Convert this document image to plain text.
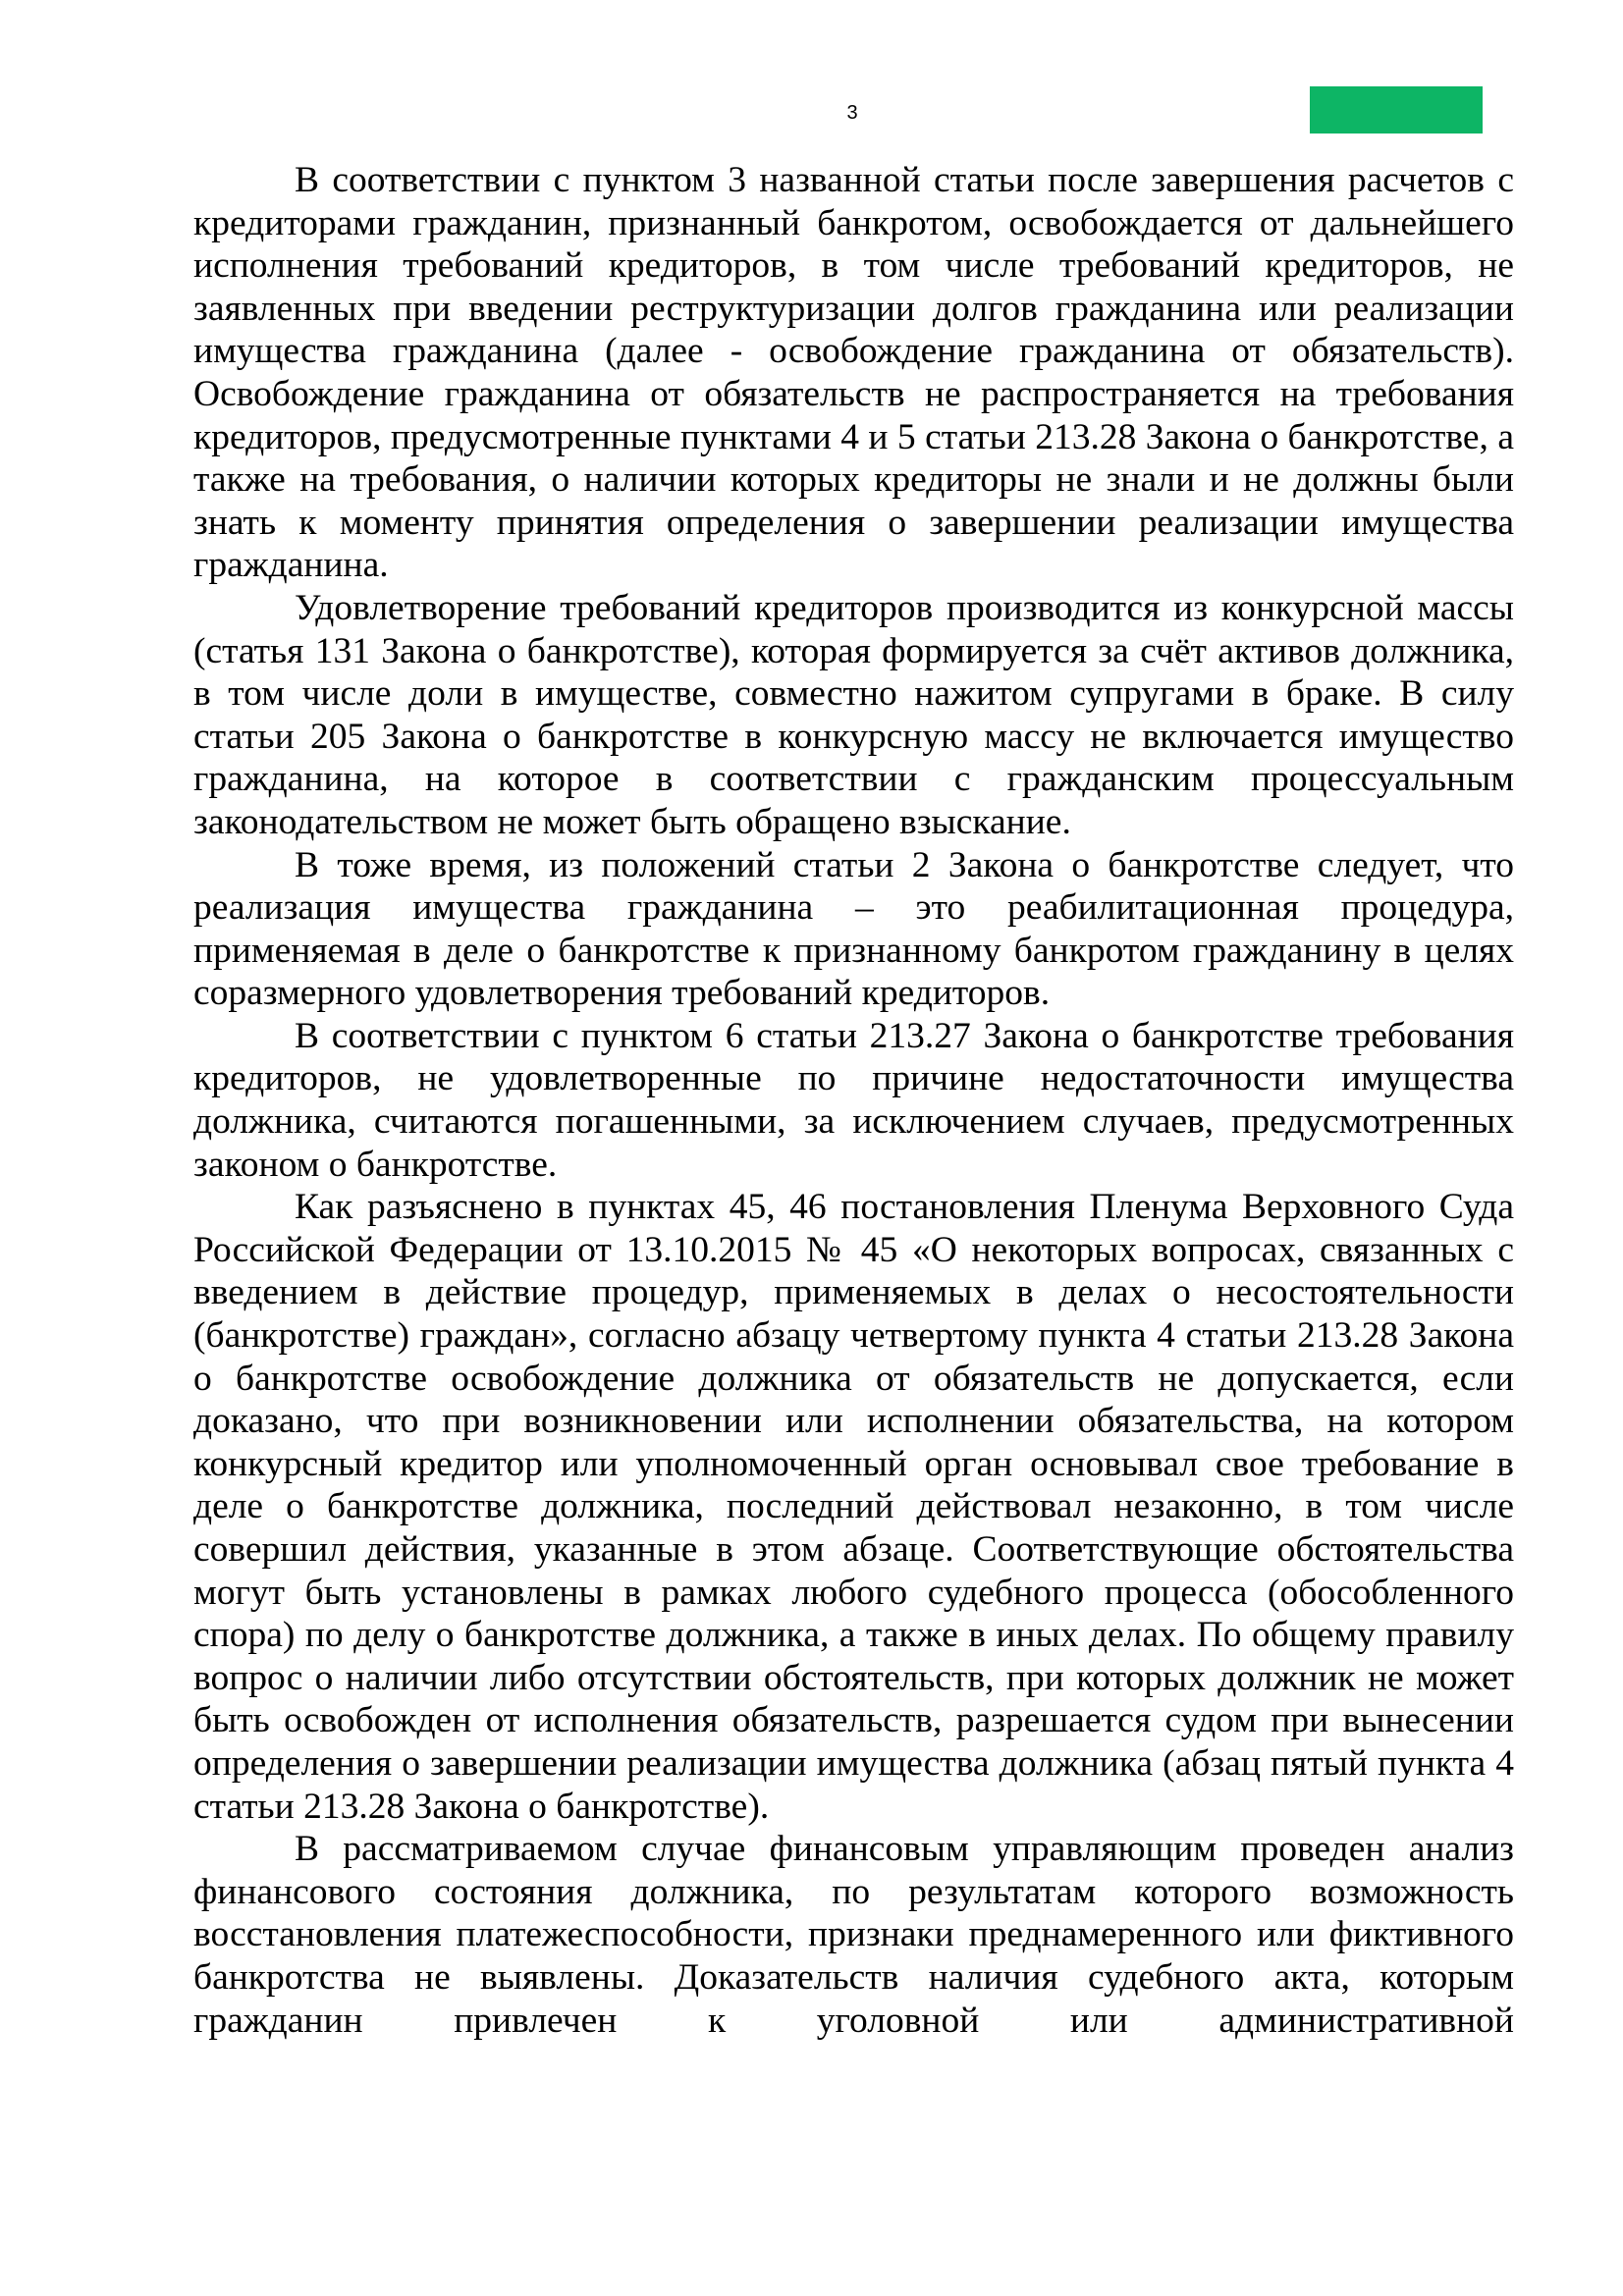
3

В соответствии с пунктом 3 названной статьи после завершения расчетов с кредиторами гражданин, признанный банкротом, освобождается от дальнейшего исполнения требований кредиторов, в том числе требований кредиторов, не заявленных при введении реструктуризации долгов гражданина или реализации имущества гражданина (далее - освобождение гражданина от обязательств). Освобождение гражданина от обязательств не распространяется на требования кредиторов, предусмотренные пунктами 4 и 5 статьи 213.28 Закона о банкротстве, а также на требования, о наличии которых кредиторы не знали и не должны были знать к моменту принятия определения о завершении реализации имущества гражданина.

Удовлетворение требований кредиторов производится из конкурсной массы (статья 131 Закона о банкротстве), которая формируется за счёт активов должника, в том числе доли в имуществе, совместно нажитом супругами в браке. В силу статьи 205 Закона о банкротстве в конкурсную массу не включается имущество гражданина, на которое в соответствии с гражданским процессуальным законодательством не может быть обращено взыскание.

В тоже время, из положений статьи 2 Закона о банкротстве следует, что реализация имущества гражданина – это реабилитационная процедура, применяемая в деле о банкротстве к признанному банкротом гражданину в целях соразмерного удовлетворения требований кредиторов.

В соответствии с пунктом 6 статьи 213.27 Закона о банкротстве требования кредиторов, не удовлетворенные по причине недостаточности имущества должника, считаются погашенными, за исключением случаев, предусмотренных законом о банкротстве.

Как разъяснено в пунктах 45, 46 постановления Пленума Верховного Суда Российской Федерации от 13.10.2015 № 45 «О некоторых вопросах, связанных с введением в действие процедур, применяемых в делах о несостоятельности (банкротстве) граждан», согласно абзацу четвертому пункта 4 статьи 213.28 Закона о банкротстве освобождение должника от обязательств не допускается, если доказано, что при возникновении или исполнении обязательства, на котором конкурсный кредитор или уполномоченный орган основывал свое требование в деле о банкротстве должника, последний действовал незаконно, в том числе совершил действия, указанные в этом абзаце. Соответствующие обстоятельства могут быть установлены в рамках любого судебного процесса (обособленного спора) по делу о банкротстве должника, а также в иных делах. По общему правилу вопрос о наличии либо отсутствии обстоятельств, при которых должник не может быть освобожден от исполнения обязательств, разрешается судом при вынесении определения о завершении реализации имущества должника (абзац пятый пункта 4 статьи 213.28 Закона о банкротстве).

В рассматриваемом случае финансовым управляющим проведен анализ финансового состояния должника, по результатам которого возможность восстановления платежеспособности, признаки преднамеренного или фиктивного банкротства не выявлены. Доказательств наличия судебного акта, которым гражданин привлечен к уголовной или административной
